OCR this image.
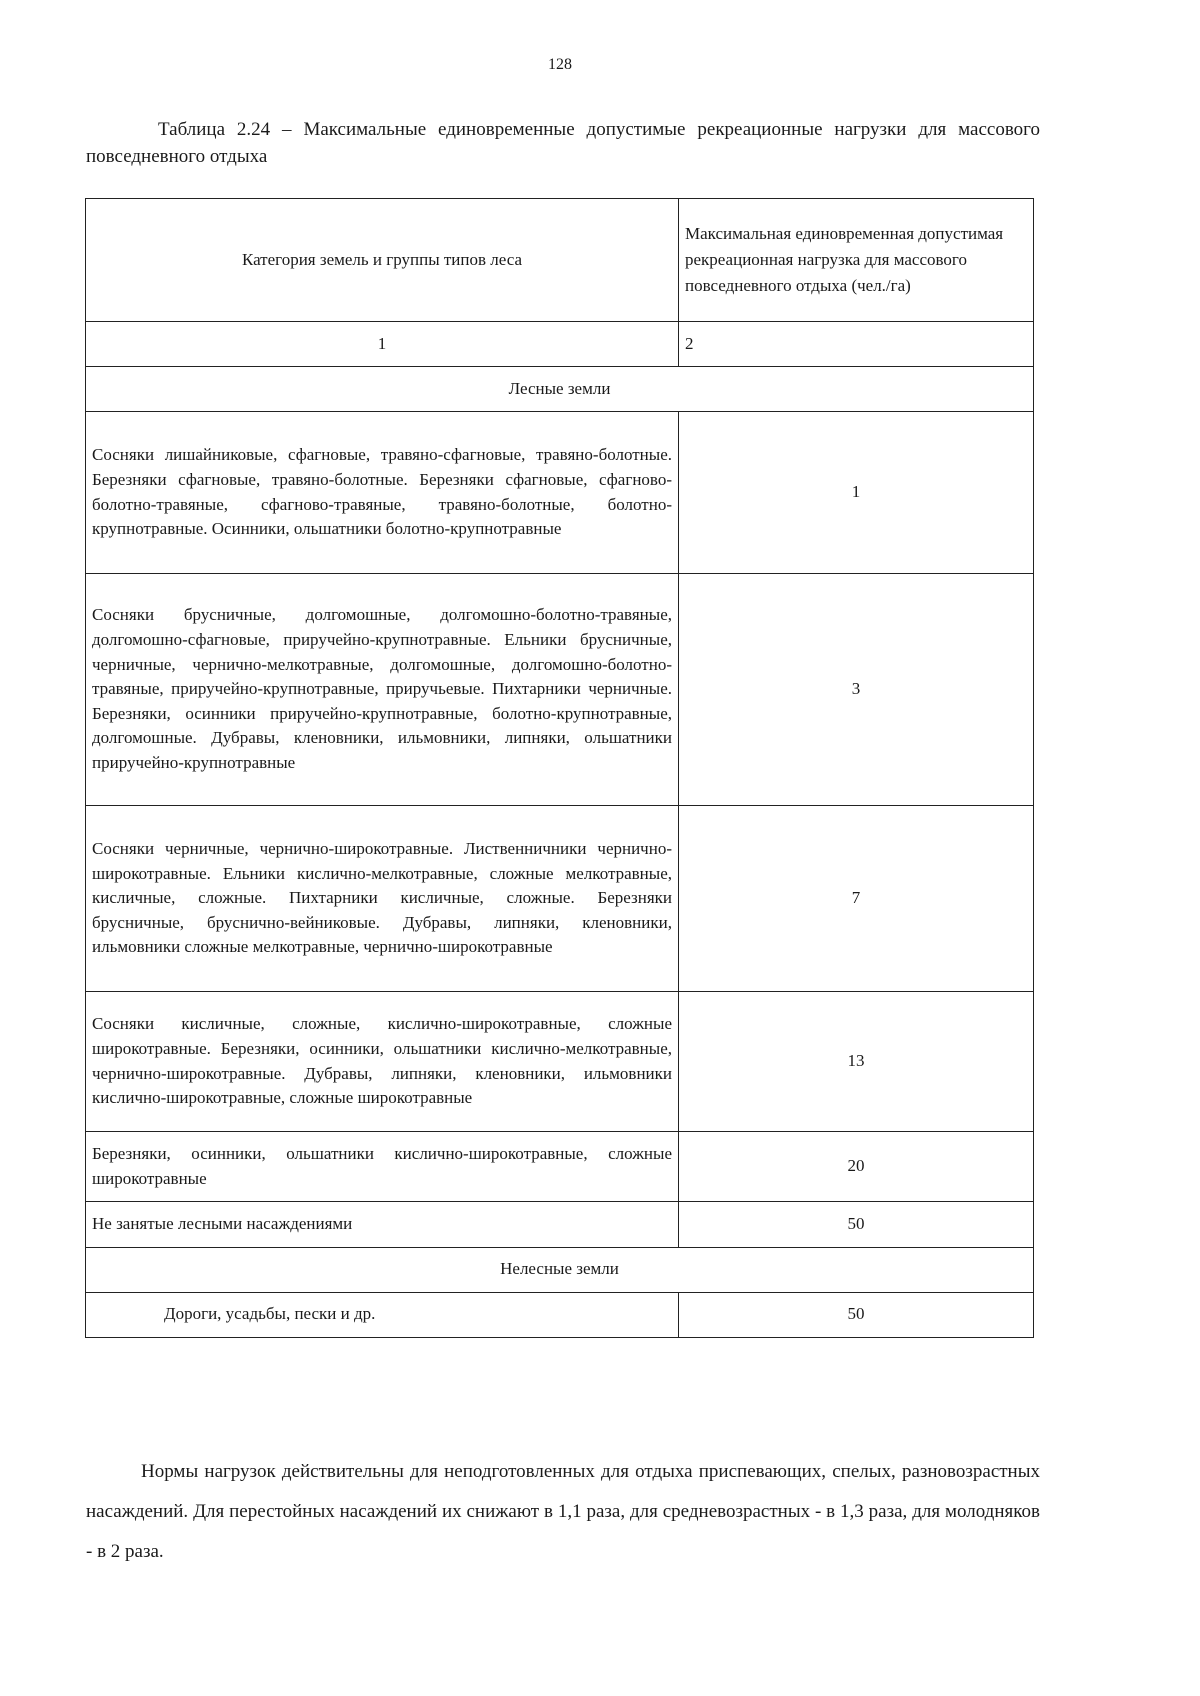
128
Таблица 2.24 – Максимальные единовременные допустимые рекреационные нагрузки для массового повседневного отдыха
Категория земель и группы типов леса	Максимальная единовременная допустимая рекреационная нагрузка для массового повседневного отдыха (чел./га)
1	2
Лесные земли	
Сосняки лишайниковые, сфагновые, травяно-сфагновые, травяно-болотные. Березняки сфагновые, травяно-болотные. Березняки сфагновые, сфагново-болотно-травяные, сфагново-травяные, травяно-болотные, болотно-крупнотравные. Осинники, ольшатники болотно-крупнотравные	1
Сосняки брусничные, долгомошные, долгомошно-болотно-травяные, долгомошно-сфагновые, приручейно-крупнотравные. Ельники брусничные, черничные, чернично-мелкотравные, долгомошные, долгомошно-болотно-травяные, приручейно-крупнотравные, приручьевые. Пихтарники черничные. Березняки, осинники приручейно-крупнотравные, болотно-крупнотравные, долгомошные. Дубравы, кленовники, ильмовники, липняки, ольшатники приручейно-крупнотравные	3
Сосняки черничные, чернично-широкотравные. Лиственничники чернично-широкотравные. Ельники кислично-мелкотравные, сложные мелкотравные, кисличные, сложные. Пихтарники кисличные, сложные. Березняки брусничные, бруснично-вейниковые. Дубравы, липняки, кленовники, ильмовники сложные мелкотравные, чернично-широкотравные	7
Сосняки кисличные, сложные, кислично-широкотравные, сложные широкотравные. Березняки, осинники, ольшатники кислично-мелкотравные, чернично-широкотравные. Дубравы, липняки, кленовники, ильмовники кислично-широкотравные, сложные широкотравные	13
Березняки, осинники, ольшатники кислично-широкотравные, сложные широкотравные	20
Не занятые лесными насаждениями	50
Нелесные земли	
Дороги, усадьбы, пески и др.	50
Нормы нагрузок действительны для неподготовленных для отдыха приспевающих, спелых, разновозрастных насаждений. Для перестойных насаждений их снижают в 1,1 раза, для средневозрастных - в 1,3 раза, для молодняков - в 2 раза.
